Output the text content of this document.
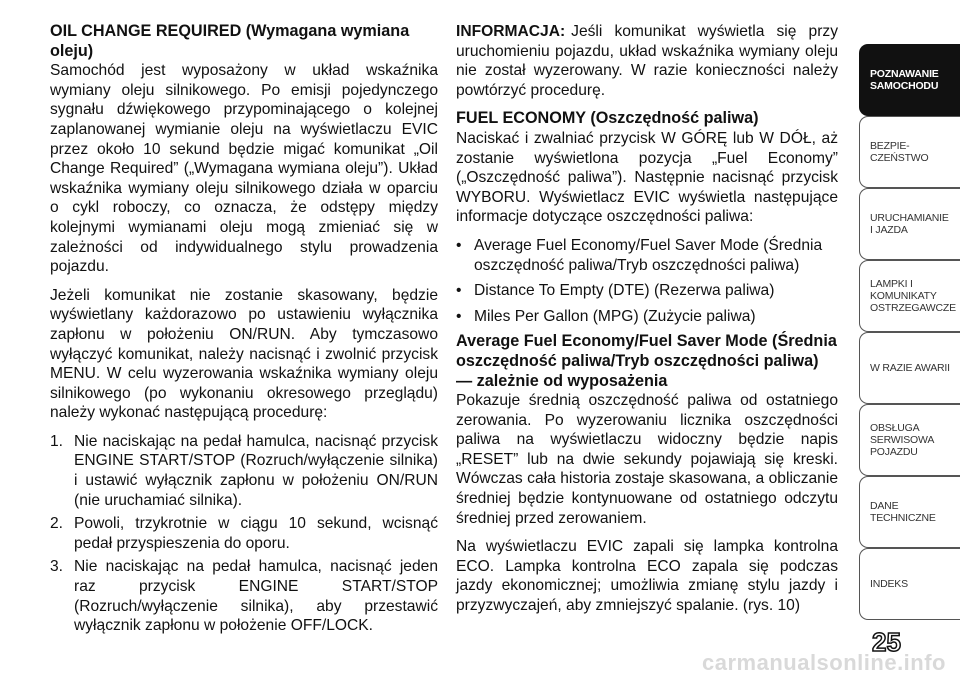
OIL CHANGE REQUIRED (Wymagana wymiana oleju)

Samochód jest wyposażony w układ wskaźnika wymiany oleju silnikowego. Po emisji pojedynczego sygnału dźwiękowego przypominającego o kolejnej zaplanowanej wymianie oleju na wyświetlaczu EVIC przez około 10 sekund będzie migać komunikat „Oil Change Required” („Wymagana wymiana oleju”). Układ wskaźnika wymiany oleju silnikowego działa w oparciu o cykl roboczy, co oznacza, że odstępy między kolejnymi wymianami oleju mogą zmieniać się w zależności od indywidualnego stylu prowadzenia pojazdu.

Jeżeli komunikat nie zostanie skasowany, będzie wyświetlany każdorazowo po ustawieniu wyłącznika zapłonu w położeniu ON/RUN. Aby tymczasowo wyłączyć komunikat, należy nacisnąć i zwolnić przycisk MENU. W celu wyzerowania wskaźnika wymiany oleju silnikowego (po wykonaniu okresowego przeglądu) należy wykonać następującą procedurę:

1. Nie naciskając na pedał hamulca, nacisnąć przycisk ENGINE START/STOP (Rozruch/wyłączenie silnika) i ustawić wyłącznik zapłonu w położeniu ON/RUN (nie uruchamiać silnika).
2. Powoli, trzykrotnie w ciągu 10 sekund, wcisnąć pedał przyspieszenia do oporu.
3. Nie naciskając na pedał hamulca, nacisnąć jeden raz przycisk ENGINE START/STOP (Rozruch/wyłączenie silnika), aby przestawić wyłącznik zapłonu w położenie OFF/LOCK.

INFORMACJA: Jeśli komunikat wyświetla się przy uruchomieniu pojazdu, układ wskaźnika wymiany oleju nie został wyzerowany. W razie konieczności należy powtórzyć procedurę.

FUEL ECONOMY (Oszczędność paliwa)

Naciskać i zwalniać przycisk W GÓRĘ lub W DÓŁ, aż zostanie wyświetlona pozycja „Fuel Economy” („Oszczędność paliwa”). Następnie nacisnąć przycisk WYBORU. Wyświetlacz EVIC wyświetla następujące informacje dotyczące oszczędności paliwa:

• Average Fuel Economy/Fuel Saver Mode (Średnia oszczędność paliwa/Tryb oszczędności paliwa)
• Distance To Empty (DTE) (Rezerwa paliwa)
• Miles Per Gallon (MPG) (Zużycie paliwa)
Average Fuel Economy/Fuel Saver Mode (Średnia oszczędność paliwa/Tryb oszczędności paliwa) — zależnie od wyposażenia

Pokazuje średnią oszczędność paliwa od ostatniego zerowania. Po wyzerowaniu licznika oszczędności paliwa na wyświetlaczu widoczny będzie napis „RESET” lub na dwie sekundy pojawiają się kreski. Wówczas cała historia zostaje skasowana, a obliczanie średniej będzie kontynuowane od ostatniego odczytu średniej przed zerowaniem.

Na wyświetlaczu EVIC zapali się lampka kontrolna ECO. Lampka kontrolna ECO zapala się podczas jazdy ekonomicznej; umożliwia zmianę stylu jazdy i przyzwyczajeń, aby zmniejszyć spalanie. (rys. 10)

POZNAWANIE SAMOCHODU
BEZPIE-CZEŃSTWO
URUCHAMIANIE I JAZDA
LAMPKI I KOMUNIKATY OSTRZEGAWCZE
W RAZIE AWARII
OBSŁUGA SERWISOWA POJAZDU
DANE TECHNICZNE
INDEKS
25
carmanualsonline.info
